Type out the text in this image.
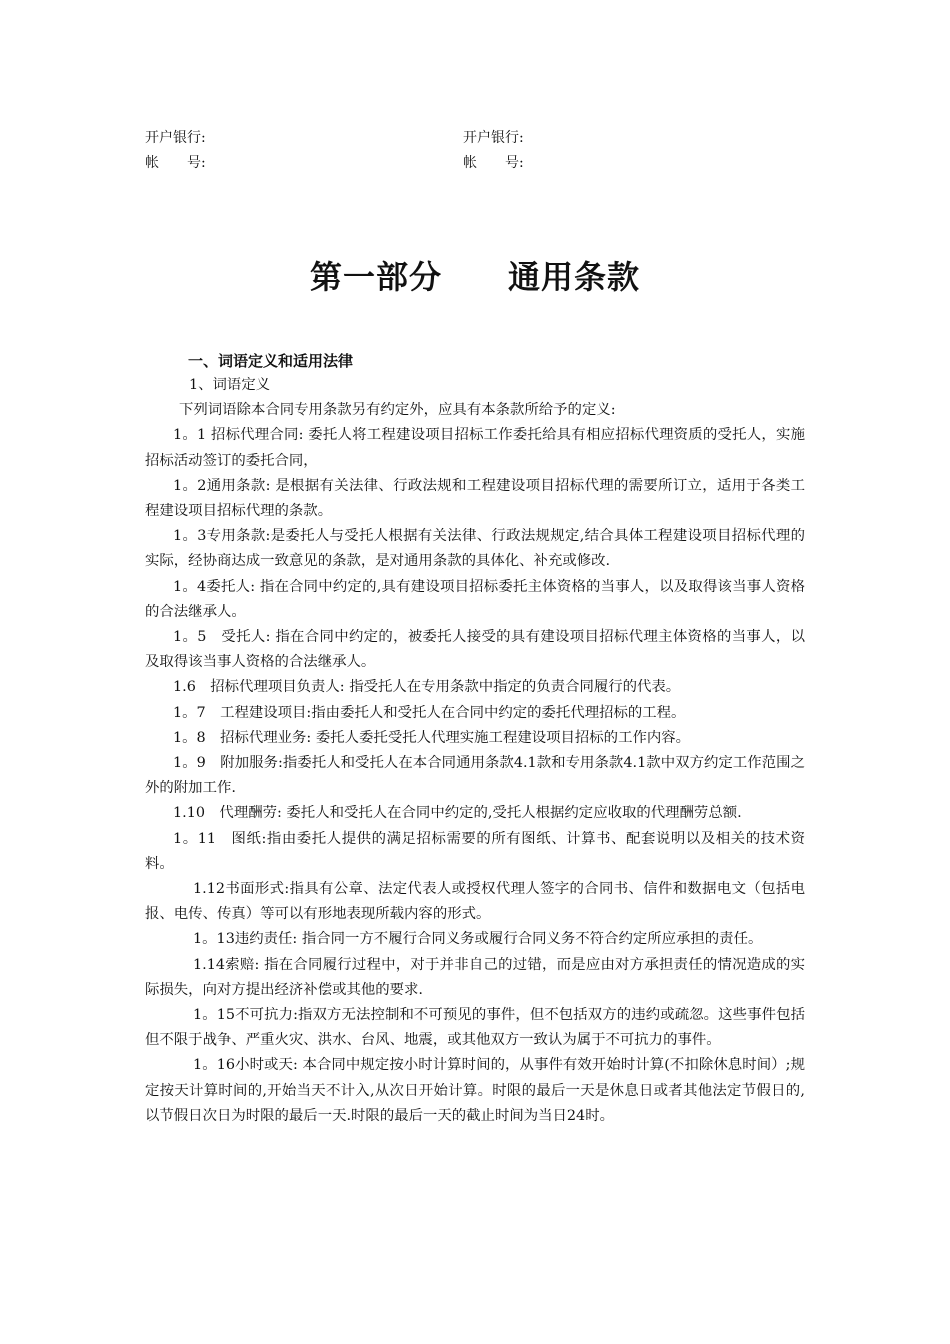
开户银行:
帐　　号:
开户银行:
帐　　号:
第一部分　　通用条款
一、词语定义和适用法律

1、词语定义

下列词语除本合同专用条款另有约定外，应具有本条款所给予的定义:

1。1 招标代理合同: 委托人将工程建设项目招标工作委托给具有相应招标代理资质的受托人，实施招标活动签订的委托合同，

1。2通用条款: 是根据有关法律、行政法规和工程建设项目招标代理的需要所订立，适用于各类工程建设项目招标代理的条款。

1。3专用条款:是委托人与受托人根据有关法律、行政法规规定,结合具体工程建设项目招标代理的实际，经协商达成一致意见的条款，是对通用条款的具体化、补充或修改.

1。4委托人: 指在合同中约定的,具有建设项目招标委托主体资格的当事人，以及取得该当事人资格的合法继承人。

1。5　受托人: 指在合同中约定的，被委托人接受的具有建设项目招标代理主体资格的当事人，以及取得该当事人资格的合法继承人。

1.6　招标代理项目负责人: 指受托人在专用条款中指定的负责合同履行的代表。

1。7　工程建设项目:指由委托人和受托人在合同中约定的委托代理招标的工程。

1。8　招标代理业务: 委托人委托受托人代理实施工程建设项目招标的工作内容。

1。9　附加服务:指委托人和受托人在本合同通用条款4.1款和专用条款4.1款中双方约定工作范围之外的附加工作.

1.10　代理酬劳: 委托人和受托人在合同中约定的,受托人根据约定应收取的代理酬劳总额.

1。11　图纸:指由委托人提供的满足招标需要的所有图纸、计算书、配套说明以及相关的技术资料。

1.12书面形式:指具有公章、法定代表人或授权代理人签字的合同书、信件和数据电文（包括电报、电传、传真）等可以有形地表现所载内容的形式。

1。13违约责任: 指合同一方不履行合同义务或履行合同义务不符合约定所应承担的责任。

1.14索赔: 指在合同履行过程中，对于并非自己的过错，而是应由对方承担责任的情况造成的实际损失，向对方提出经济补偿或其他的要求.

1。15不可抗力:指双方无法控制和不可预见的事件，但不包括双方的违约或疏忽。这些事件包括但不限于战争、严重火灾、洪水、台风、地震，或其他双方一致认为属于不可抗力的事件。

1。16小时或天: 本合同中规定按小时计算时间的，从事件有效开始时计算(不扣除休息时间）;规定按天计算时间的,开始当天不计入,从次日开始计算。时限的最后一天是休息日或者其他法定节假日的,以节假日次日为时限的最后一天.时限的最后一天的截止时间为当日24时。
